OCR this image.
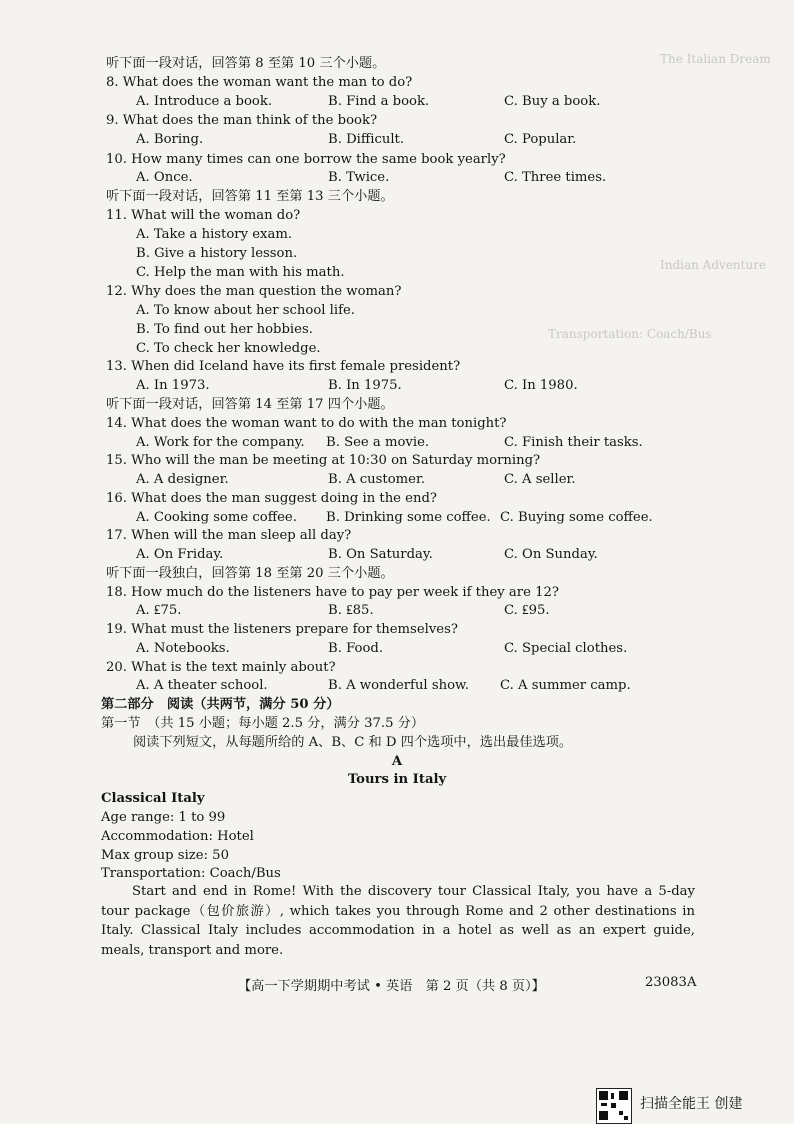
The Italian Dream
Indian Adventure
Transportation: Coach/Bus
听下面一段对话，回答第 8 至第 10 三个小题。
8. What does the woman want the man to do?
A. Introduce a book.	B. Find a book.	C. Buy a book.
9. What does the man think of the book?
A. Boring.	B. Difficult.	C. Popular.
10. How many times can one borrow the same book yearly?
A. Once.	B. Twice.	C. Three times.
听下面一段对话，回答第 11 至第 13 三个小题。
11. What will the woman do?
A. Take a history exam.
B. Give a history lesson.
C. Help the man with his math.
12. Why does the man question the woman?
A. To know about her school life.
B. To find out her hobbies.
C. To check her knowledge.
13. When did Iceland have its first female president?
A. In 1973.	B. In 1975.	C. In 1980.
听下面一段对话，回答第 14 至第 17 四个小题。
14. What does the woman want to do with the man tonight?
A. Work for the company. B. See a movie.	C. Finish their tasks.
15. Who will the man be meeting at 10:30 on Saturday morning?
A. A designer.	B. A customer.	C. A seller.
16. What does the man suggest doing in the end?
A. Cooking some coffee. B. Drinking some coffee. C. Buying some coffee.
17. When will the man sleep all day?
A. On Friday.	B. On Saturday.	C. On Sunday.
听下面一段独白，回答第 18 至第 20 三个小题。
18. How much do the listeners have to pay per week if they are 12?
A. ₤75.	B. ₤85.	C. ₤95.
19. What must the listeners prepare for themselves?
A. Notebooks.	B. Food.	C. Special clothes.
20. What is the text mainly about?
A. A theater school.	B. A wonderful show. C. A summer camp.
第二部分　阅读（共两节，满分 50 分）
第一节　（共 15 小题；每小题 2.5 分，满分 37.5 分）
阅读下列短文，从每题所给的 A、B、C 和 D 四个选项中，选出最佳选项。
A
Tours in Italy
Classical Italy
Age range: 1 to 99
Accommodation: Hotel
Max group size: 50
Transportation: Coach/Bus
Start and end in Rome! With the discovery tour Classical Italy, you have a 5-day tour package（包价旅游）, which takes you through Rome and 2 other destinations in Italy. Classical Italy includes accommodation in a hotel as well as an expert guide, meals, transport and more.
【高一下学期期中考试 • 英语　第 2 页（共 8 页）】	23083A
扫描全能王 创建
